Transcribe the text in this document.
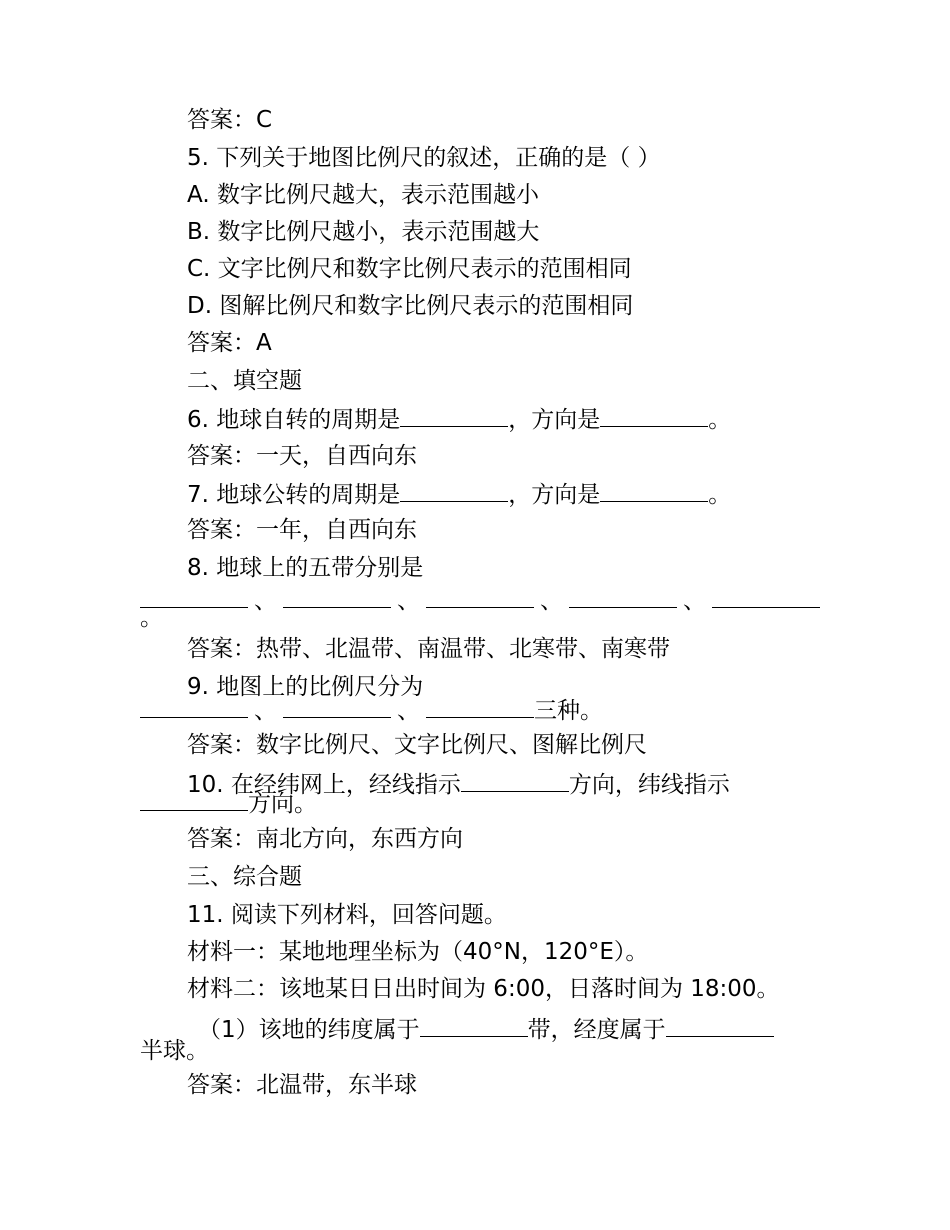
答案：C
5. 下列关于地图比例尺的叙述，正确的是（ ）
A. 数字比例尺越大，表示范围越小
B. 数字比例尺越小，表示范围越大
C. 文字比例尺和数字比例尺表示的范围相同
D. 图解比例尺和数字比例尺表示的范围相同
答案：A
二、填空题
6. 地球自转的周期是	，方向是	。
答案：一天，自西向东
7. 地球公转的周期是	，方向是	。
答案：一年，自西向东
8. 地球上的五带分别是
、	、	、	、
。
答案：热带、北温带、南温带、北寒带、南寒带
9. 地图上的比例尺分为
、	、	三种。
答案：数字比例尺、文字比例尺、图解比例尺
10. 在经纬网上，经线指示	方向，纬线指示
方向。
答案：南北方向，东西方向
三、综合题
11. 阅读下列材料，回答问题。
材料一：某地地理坐标为（40°N，120°E）。
材料二：该地某日日出时间为 6:00，日落时间为 18:00。
（1）该地的纬度属于	带，经度属于
半球。
答案：北温带，东半球
